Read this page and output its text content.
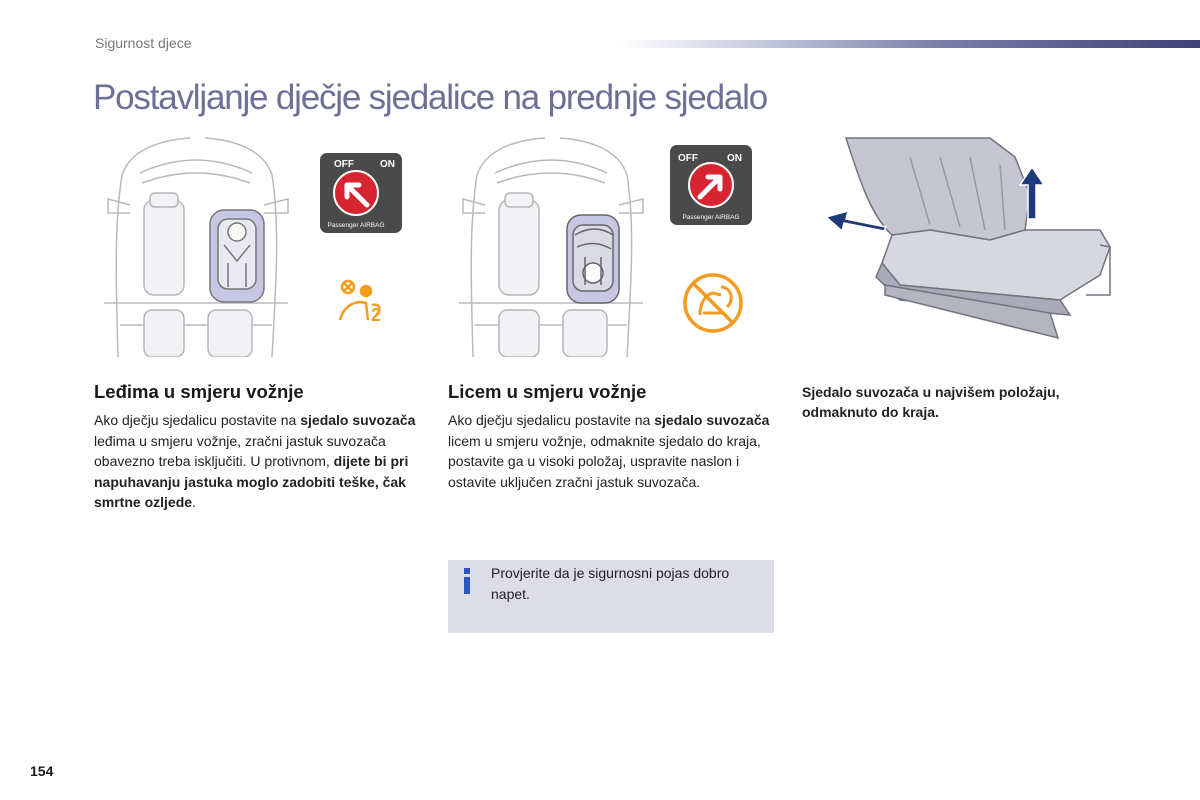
Sigurnost djece
Postavljanje dječje sjedalice na prednje sjedalo
OFF	ON
Passenger AIRBAG
2
OFF	ON
Passenger AIRBAG
Leđima u smjeru vožnje

Ako dječju sjedalicu postavite na sjedalo suvozača leđima u smjeru vožnje, zračni jastuk suvozača obavezno treba isključiti. U protivnom, dijete bi pri napuhavanju jastuka moglo zadobiti teške, čak smrtne ozljede.

Licem u smjeru vožnje

Ako dječju sjedalicu postavite na sjedalo suvozača licem u smjeru vožnje, odmaknite sjedalo do kraja, postavite ga u visoki položaj, uspravite naslon i ostavite uključen zračni jastuk suvozača.

Sjedalo suvozača u najvišem položaju, odmaknuto do kraja.

Provjerite da je sigurnosni pojas dobro napet.

154
